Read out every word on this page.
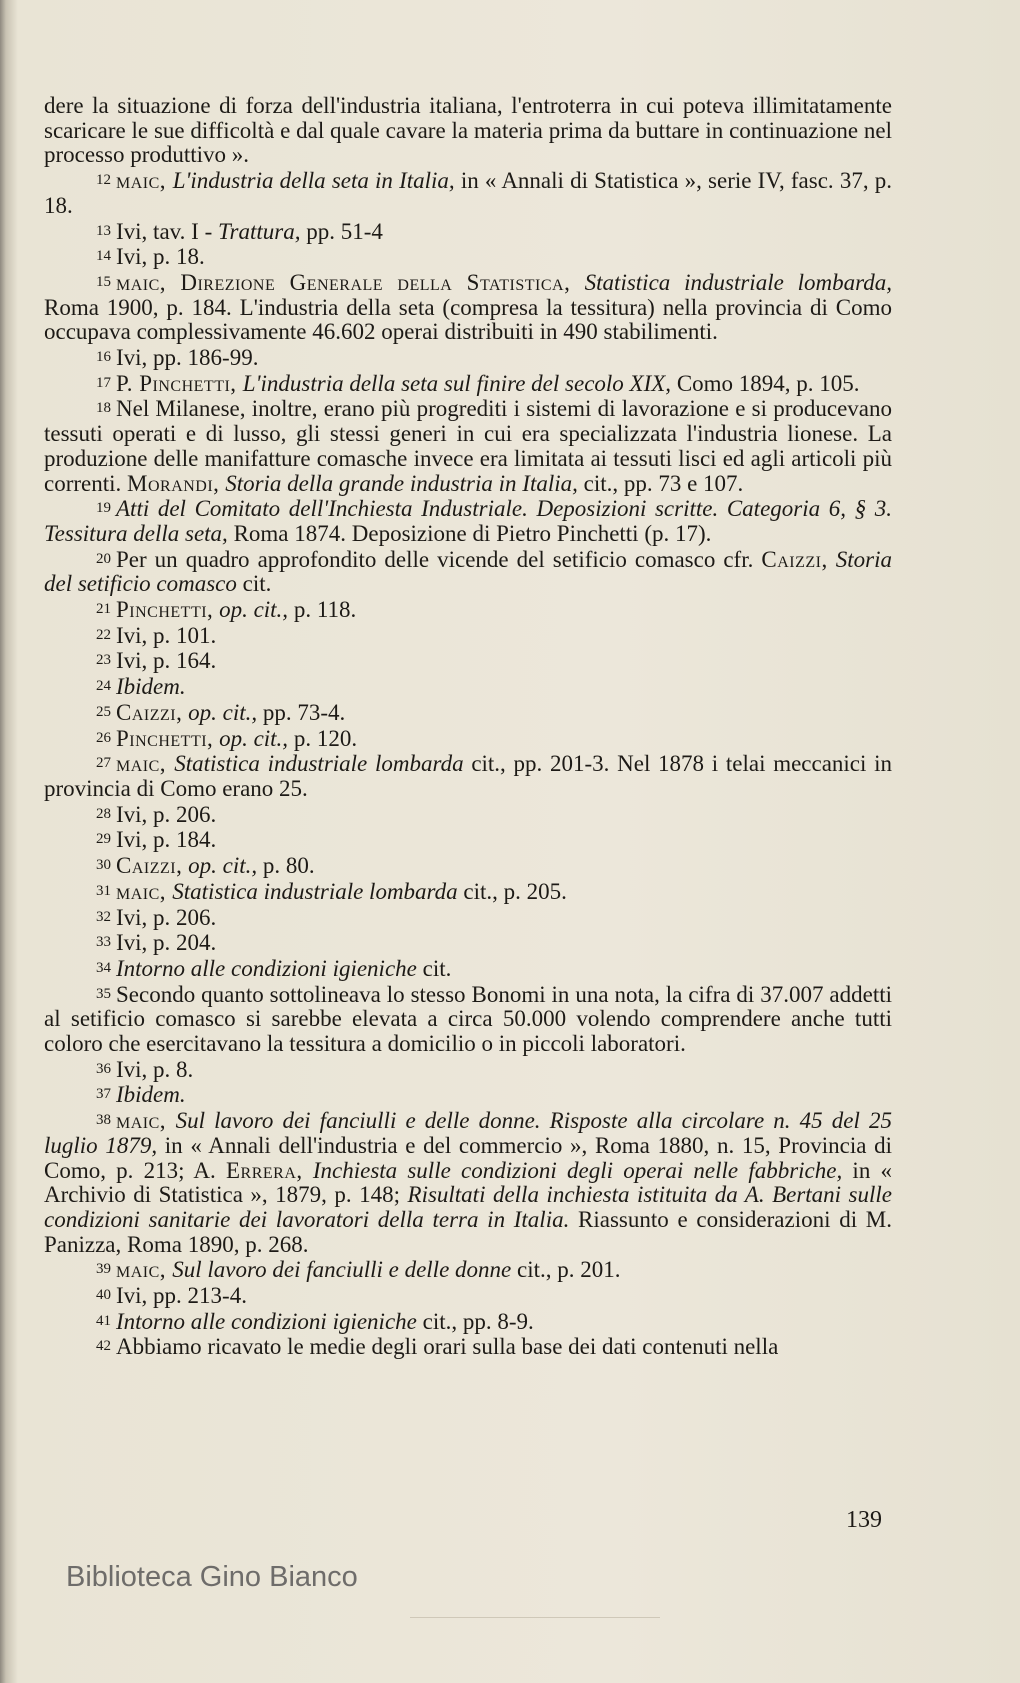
dere la situazione di forza dell'industria italiana, l'entroterra in cui poteva illimitatamente scaricare le sue difficoltà e dal quale cavare la materia prima da buttare in continuazione nel processo produttivo ».

12 maic, L'industria della seta in Italia, in « Annali di Statistica », serie IV, fasc. 37, p. 18.

13 Ivi, tav. I - Trattura, pp. 51-4

14 Ivi, p. 18.

15 maic, Direzione Generale della Statistica, Statistica industriale lombarda, Roma 1900, p. 184. L'industria della seta (compresa la tessitura) nella provincia di Como occupava complessivamente 46.602 operai distribuiti in 490 stabilimenti.

16 Ivi, pp. 186-99.

17 P. Pinchetti, L'industria della seta sul finire del secolo XIX, Como 1894, p. 105.

18 Nel Milanese, inoltre, erano più progrediti i sistemi di lavorazione e si producevano tessuti operati e di lusso, gli stessi generi in cui era specializzata l'industria lionese. La produzione delle manifatture comasche invece era limitata ai tessuti lisci ed agli articoli più correnti. Morandi, Storia della grande industria in Italia, cit., pp. 73 e 107.

19 Atti del Comitato dell'Inchiesta Industriale. Deposizioni scritte. Categoria 6, § 3. Tessitura della seta, Roma 1874. Deposizione di Pietro Pinchetti (p. 17).

20 Per un quadro approfondito delle vicende del setificio comasco cfr. Caizzi, Storia del setificio comasco cit.

21 Pinchetti, op. cit., p. 118.

22 Ivi, p. 101.

23 Ivi, p. 164.

24 Ibidem.

25 Caizzi, op. cit., pp. 73-4.

26 Pinchetti, op. cit., p. 120.

27 maic, Statistica industriale lombarda cit., pp. 201-3. Nel 1878 i telai meccanici in provincia di Como erano 25.

28 Ivi, p. 206.

29 Ivi, p. 184.

30 Caizzi, op. cit., p. 80.

31 maic, Statistica industriale lombarda cit., p. 205.

32 Ivi, p. 206.

33 Ivi, p. 204.

34 Intorno alle condizioni igieniche cit.

35 Secondo quanto sottolineava lo stesso Bonomi in una nota, la cifra di 37.007 addetti al setificio comasco si sarebbe elevata a circa 50.000 volendo comprendere anche tutti coloro che esercitavano la tessitura a domicilio o in piccoli laboratori.

36 Ivi, p. 8.

37 Ibidem.

38 maic, Sul lavoro dei fanciulli e delle donne. Risposte alla circolare n. 45 del 25 luglio 1879, in « Annali dell'industria e del commercio », Roma 1880, n. 15, Provincia di Como, p. 213; A. Errera, Inchiesta sulle condizioni degli operai nelle fabbriche, in « Archivio di Statistica », 1879, p. 148; Risultati della inchiesta istituita da A. Bertani sulle condizioni sanitarie dei lavoratori della terra in Italia. Riassunto e considerazioni di M. Panizza, Roma 1890, p. 268.

39 maic, Sul lavoro dei fanciulli e delle donne cit., p. 201.

40 Ivi, pp. 213-4.

41 Intorno alle condizioni igieniche cit., pp. 8-9.

42 Abbiamo ricavato le medie degli orari sulla base dei dati contenuti nella

139
Biblioteca Gino Bianco
